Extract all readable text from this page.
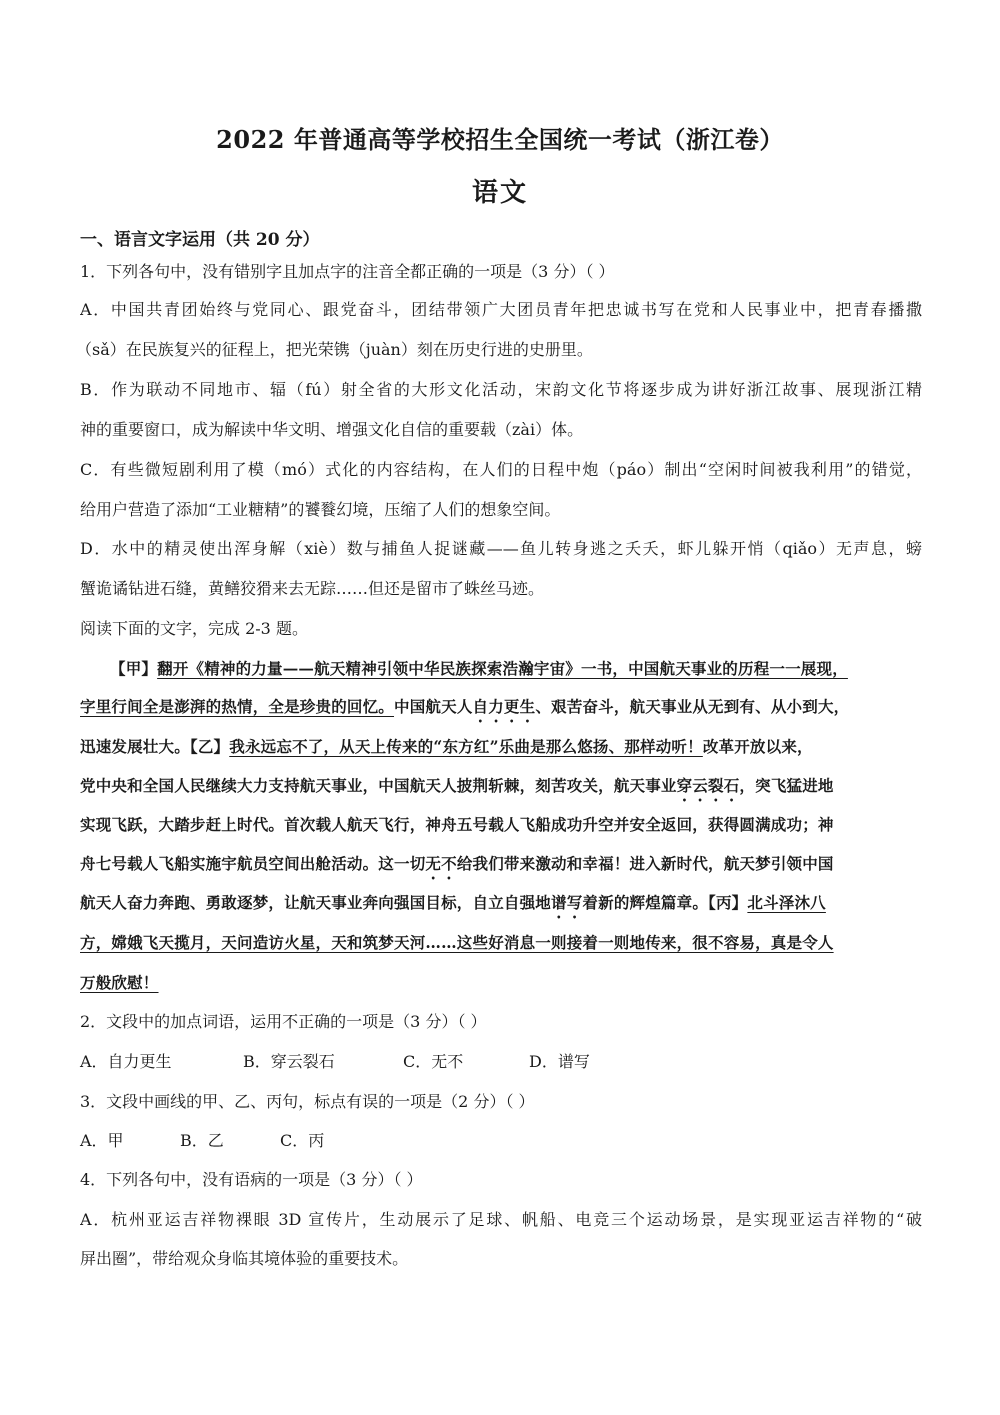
2022 年普通高等学校招生全国统一考试（浙江卷）
语文
一、语言文字运用（共 20 分）
1．下列各句中，没有错别字且加点字的注音全都正确的一项是（3 分）（ ）
A．中国共青团始终与党同心、跟党奋斗，团结带领广大团员青年把忠诚书写在党和人民事业中，把青春播撒
（sǎ）在民族复兴的征程上，把光荣镌（juàn）刻在历史行进的史册里。
B．作为联动不同地市、辐（fú）射全省的大形文化活动，宋韵文化节将逐步成为讲好浙江故事、展现浙江精
神的重要窗口，成为解读中华文明、增强文化自信的重要载（zài）体。
C．有些微短剧利用了模（mó）式化的内容结构，在人们的日程中炮（páo）制出“空闲时间被我利用”的错觉，
给用户营造了添加“工业糖精”的饕餮幻境，压缩了人们的想象空间。
D．水中的精灵使出浑身解（xiè）数与捕鱼人捉谜藏——鱼儿转身逃之夭夭，虾儿躲开悄（qiǎo）无声息，螃
蟹诡谲钻进石缝，黄鳝狡猾来去无踪……但还是留市了蛛丝马迹。
阅读下面的文字，完成 2-3 题。
【甲】翻开《精神的力量——航天精神引领中华民族探索浩瀚宇宙》一书，中国航天事业的历程一一展现，
字里行间全是澎湃的热情，全是珍贵的回忆。中国航天人自力更生、艰苦奋斗，航天事业从无到有、从小到大，
迅速发展壮大。【乙】我永远忘不了，从天上传来的“东方红”乐曲是那么悠扬、那样动听！改革开放以来，
党中央和全国人民继续大力支持航天事业，中国航天人披荆斩棘，刻苦攻关，航天事业穿云裂石，突飞猛进地
实现飞跃，大踏步赶上时代。首次载人航天飞行，神舟五号载人飞船成功升空并安全返回，获得圆满成功；神
舟七号载人飞船实施宇航员空间出舱活动。这一切无不给我们带来激动和幸福！进入新时代，航天梦引领中国
航天人奋力奔跑、勇敢逐梦，让航天事业奔向强国目标，自立自强地谱写着新的辉煌篇章。【丙】北斗泽沐八
方，嫦娥飞天揽月，天问造访火星，天和筑梦天河……这些好消息一则接着一则地传来，很不容易，真是令人
万般欣慰！
2．文段中的加点词语，运用不正确的一项是（3 分）（ ）
A．自力更生	B．穿云裂石	C．无不	D．谱写
3．文段中画线的甲、乙、丙句，标点有误的一项是（2 分）（ ）
A．甲	B．乙	C．丙
4．下列各句中，没有语病的一项是（3 分）（ ）
A．杭州亚运吉祥物裸眼 3D 宣传片，生动展示了足球、帆船、电竞三个运动场景，是实现亚运吉祥物的“破
屏出圈”，带给观众身临其境体验的重要技术。
